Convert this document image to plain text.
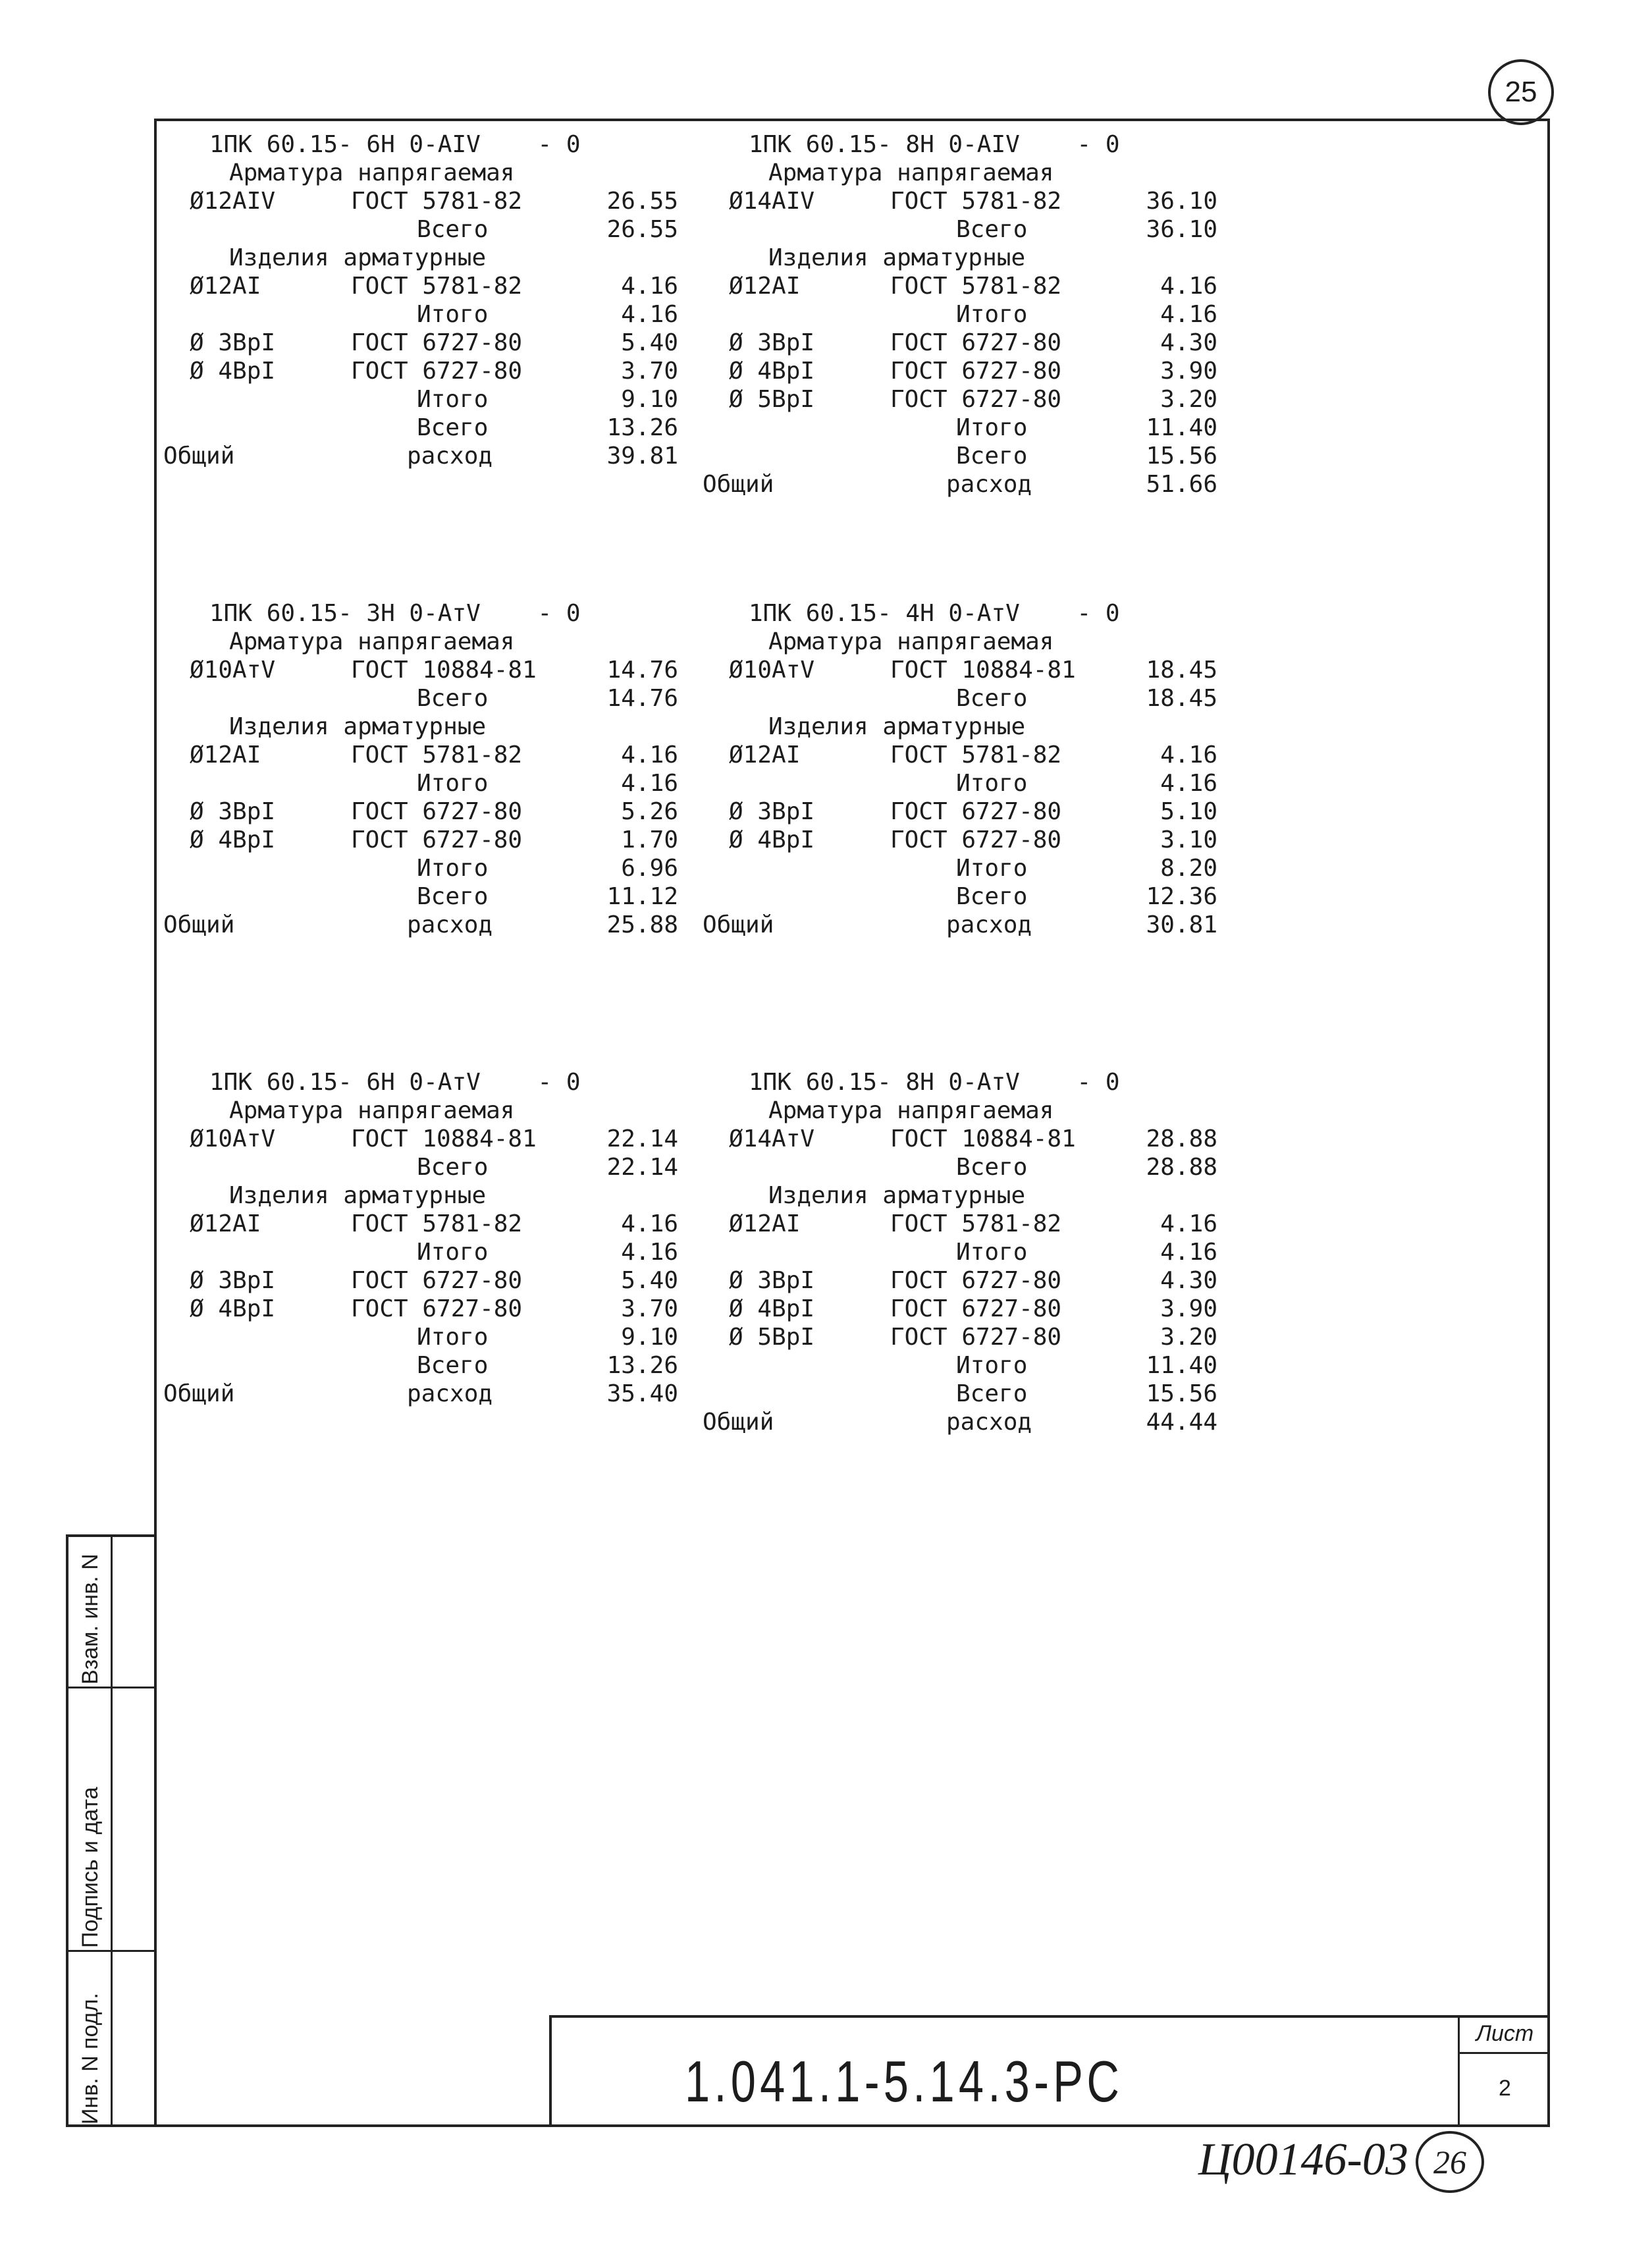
25
Взам. инв. N
Подпись и дата
Инв. N подл.
1ПК 60.15- 6Н 0-АIV    - 0
Арматура напрягаемая
Ø12АIV	ГОСТ 5781-82	26.55
Всего	26.55
Изделия арматурные
Ø12АI	ГОСТ 5781-82	4.16
Итого	4.16
Ø 3ВрI	ГОСТ 6727-80	5.40
Ø 4ВрI	ГОСТ 6727-80	3.70
Итого	9.10
Всего	13.26
Общий	расход	39.81
1ПК 60.15- 8Н 0-АIV    - 0
Арматура напрягаемая
Ø14АIV	ГОСТ 5781-82	36.10
Всего	36.10
Изделия арматурные
Ø12АI	ГОСТ 5781-82	4.16
Итого	4.16
Ø 3ВрI	ГОСТ 6727-80	4.30
Ø 4ВрI	ГОСТ 6727-80	3.90
Ø 5ВрI	ГОСТ 6727-80	3.20
Итого	11.40
Всего	15.56
Общий	расход	51.66
1ПК 60.15- 3Н 0-АтV    - 0
Арматура напрягаемая
Ø10АтV	ГОСТ 10884-81	14.76
Всего	14.76
Изделия арматурные
Ø12АI	ГОСТ 5781-82	4.16
Итого	4.16
Ø 3ВрI	ГОСТ 6727-80	5.26
Ø 4ВрI	ГОСТ 6727-80	1.70
Итого	6.96
Всего	11.12
Общий	расход	25.88
1ПК 60.15- 4Н 0-АтV    - 0
Арматура напрягаемая
Ø10АтV	ГОСТ 10884-81	18.45
Всего	18.45
Изделия арматурные
Ø12АI	ГОСТ 5781-82	4.16
Итого	4.16
Ø 3ВрI	ГОСТ 6727-80	5.10
Ø 4ВрI	ГОСТ 6727-80	3.10
Итого	8.20
Всего	12.36
Общий	расход	30.81
1ПК 60.15- 6Н 0-АтV    - 0
Арматура напрягаемая
Ø10АтV	ГОСТ 10884-81	22.14
Всего	22.14
Изделия арматурные
Ø12АI	ГОСТ 5781-82	4.16
Итого	4.16
Ø 3ВрI	ГОСТ 6727-80	5.40
Ø 4ВрI	ГОСТ 6727-80	3.70
Итого	9.10
Всего	13.26
Общий	расход	35.40
1ПК 60.15- 8Н 0-АтV    - 0
Арматура напрягаемая
Ø14АтV	ГОСТ 10884-81	28.88
Всего	28.88
Изделия арматурные
Ø12АI	ГОСТ 5781-82	4.16
Итого	4.16
Ø 3ВрI	ГОСТ 6727-80	4.30
Ø 4ВрI	ГОСТ 6727-80	3.90
Ø 5ВрI	ГОСТ 6727-80	3.20
Итого	11.40
Всего	15.56
Общий	расход	44.44
Лист
2
1.041.1-5.14.3-РС
Ц00146-03 26
